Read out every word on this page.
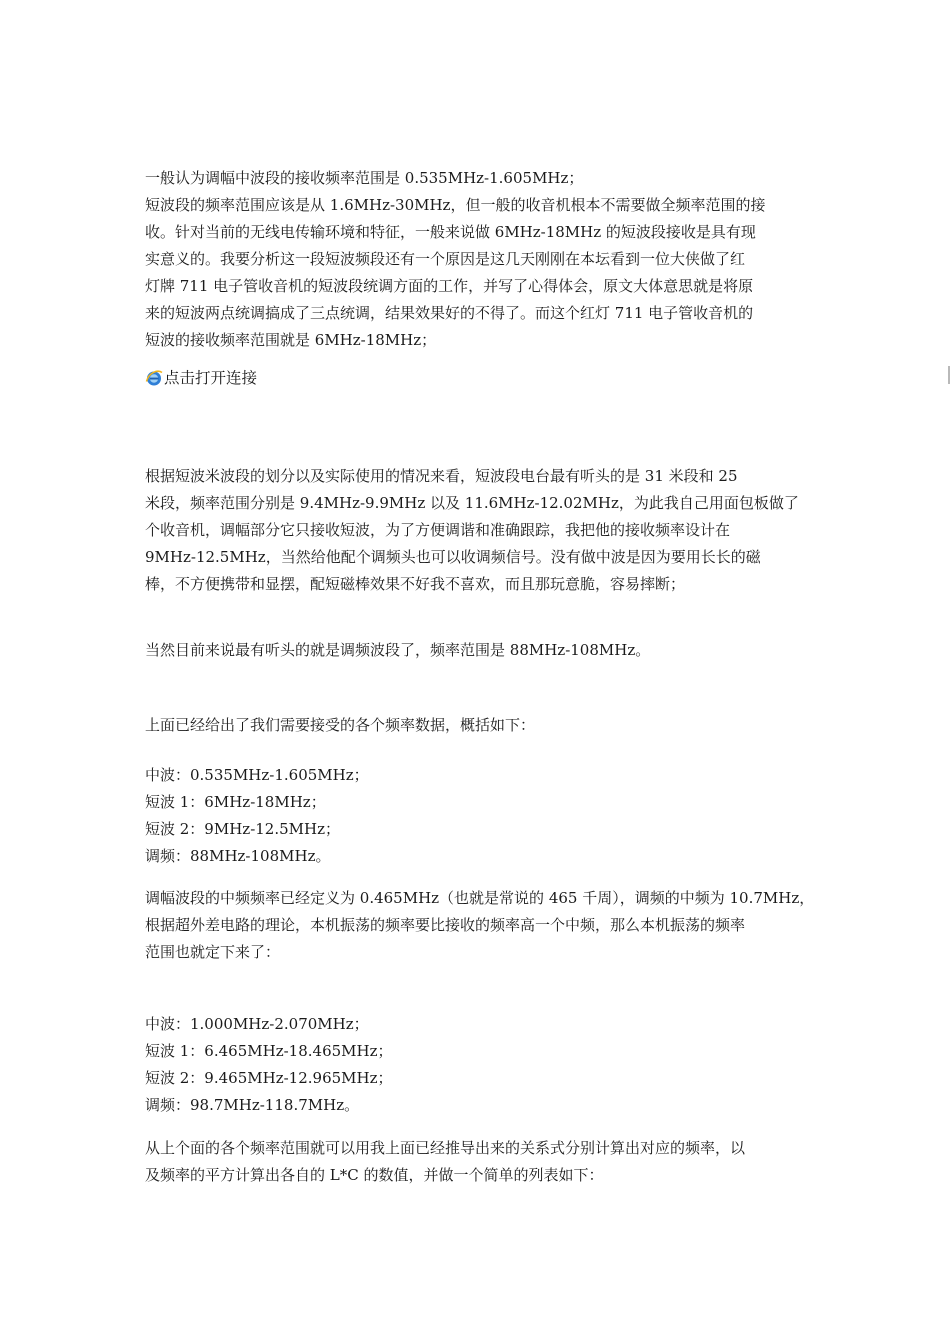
一般认为调幅中波段的接收频率范围是 0.535MHz-1.605MHz；
短波段的频率范围应该是从 1.6MHz-30MHz，但一般的收音机根本不需要做全频率范围的接
收。针对当前的无线电传输环境和特征，一般来说做 6MHz-18MHz 的短波段接收是具有现
实意义的。我要分析这一段短波频段还有一个原因是这几天刚刚在本坛看到一位大侠做了红
灯牌 711 电子管收音机的短波段统调方面的工作，并写了心得体会，原文大体意思就是将原
来的短波两点统调搞成了三点统调，结果效果好的不得了。而这个红灯 711 电子管收音机的
短波的接收频率范围就是 6MHz-18MHz；
点击打开连接
根据短波米波段的划分以及实际使用的情况来看，短波段电台最有听头的是 31 米段和 25
米段，频率范围分别是 9.4MHz-9.9MHz 以及 11.6MHz-12.02MHz，为此我自己用面包板做了
个收音机，调幅部分它只接收短波，为了方便调谐和准确跟踪，我把他的接收频率设计在
9MHz-12.5MHz，当然给他配个调频头也可以收调频信号。没有做中波是因为要用长长的磁
棒，不方便携带和显摆，配短磁棒效果不好我不喜欢，而且那玩意脆，容易摔断；
当然目前来说最有听头的就是调频波段了，频率范围是 88MHz-108MHz。
上面已经给出了我们需要接受的各个频率数据，概括如下：
中波：0.535MHz-1.605MHz；
短波 1：6MHz-18MHz；
短波 2：9MHz-12.5MHz；
调频：88MHz-108MHz。
调幅波段的中频频率已经定义为 0.465MHz（也就是常说的 465 千周），调频的中频为 10.7MHz，
根据超外差电路的理论，本机振荡的频率要比接收的频率高一个中频，那么本机振荡的频率
范围也就定下来了：
中波：1.000MHz-2.070MHz；
短波 1：6.465MHz-18.465MHz；
短波 2：9.465MHz-12.965MHz；
调频：98.7MHz-118.7MHz。
从上个面的各个频率范围就可以用我上面已经推导出来的关系式分别计算出对应的频率，以
及频率的平方计算出各自的 L*C 的数值，并做一个简单的列表如下：
